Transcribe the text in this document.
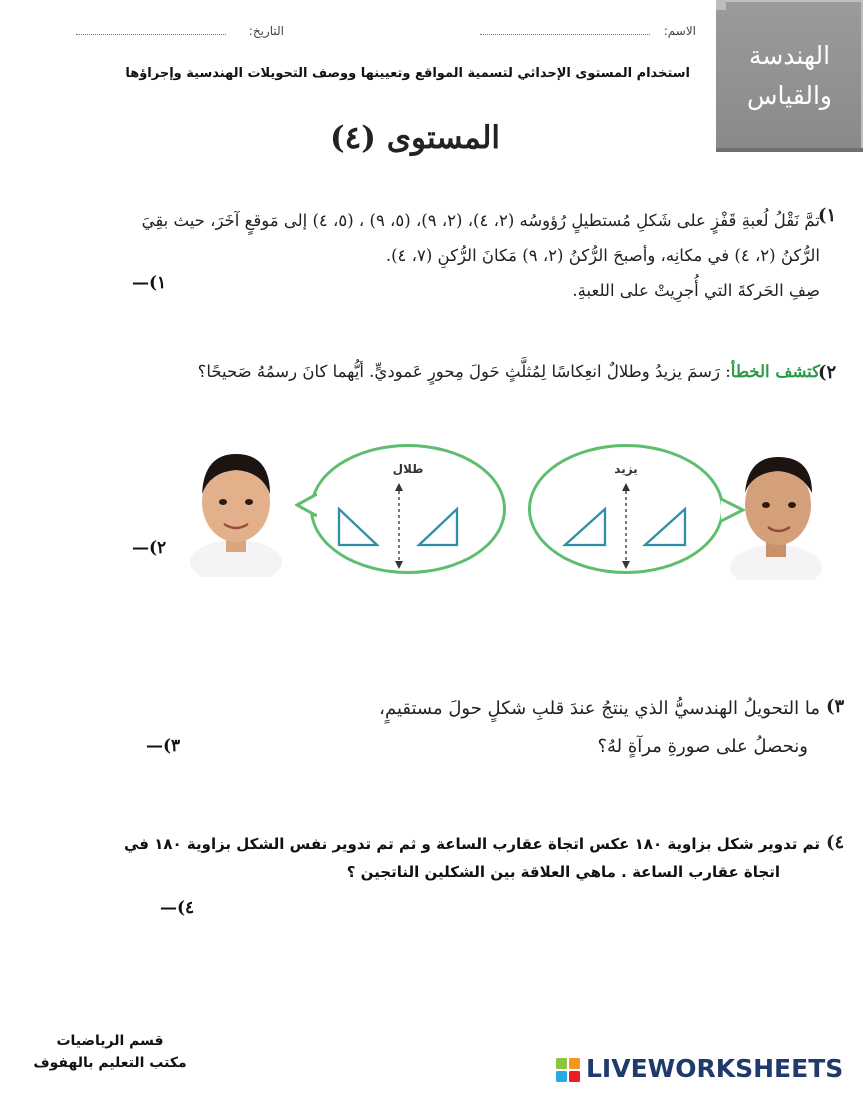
الاسم:
التاريخ:
الهندسة
والقياس
استخدام المستوى الإحداثي لتسمية المواقع وتعيينها ووصف التحويلات الهندسية وإجراؤها
المستوى (٤)
١)
تمَّ نَقْلُ لُعبةِ قَفْزٍ على شَكلِ مُستطيلٍ رُؤوسُه (٢، ٤)، (٢، ٩)، (٥، ٩) ، (٥، ٤) إلى مَوقعٍ آخَرَ، حيث بقِيَ
الرُّكنُ (٢، ٤) في مكانِه، وأصبحَ الرُّكنُ (٢، ٩) مَكانَ الرُّكنِ (٧، ٤).
صِفِ الحَركةَ التي أُجرِيتْ على اللعبةِ.
١)—
٢)
كتشف الخطأ: رَسمَ يزيدُ وطلالٌ انعِكاسًا لِمُثلَّثٍ حَولَ مِحورٍ عَموديٍّ. أيُّهما كانَ رسمُهُ صَحيحًا؟
طلال	يزيد
٢)—
٣)
ما التحويلُ الهندسيُّ الذي ينتجُ عندَ قلبِ شكلٍ حولَ مستقيمٍ،
ونحصلُ على صورةِ مرآةٍ لهُ؟
٣)—
٤)
تم تدوير شكل بزاوية ١٨٠ عكس اتجاة عقارب الساعة و ثم تم تدوير نفس الشكل بزاوية ١٨٠ في
اتجاة عقارب الساعة . ماهي العلاقة بين الشكلين الناتجين ؟
٤)—
قسم الرياضيات
مكتب التعليم بالهفوف	LIVEWORKSHEETS
